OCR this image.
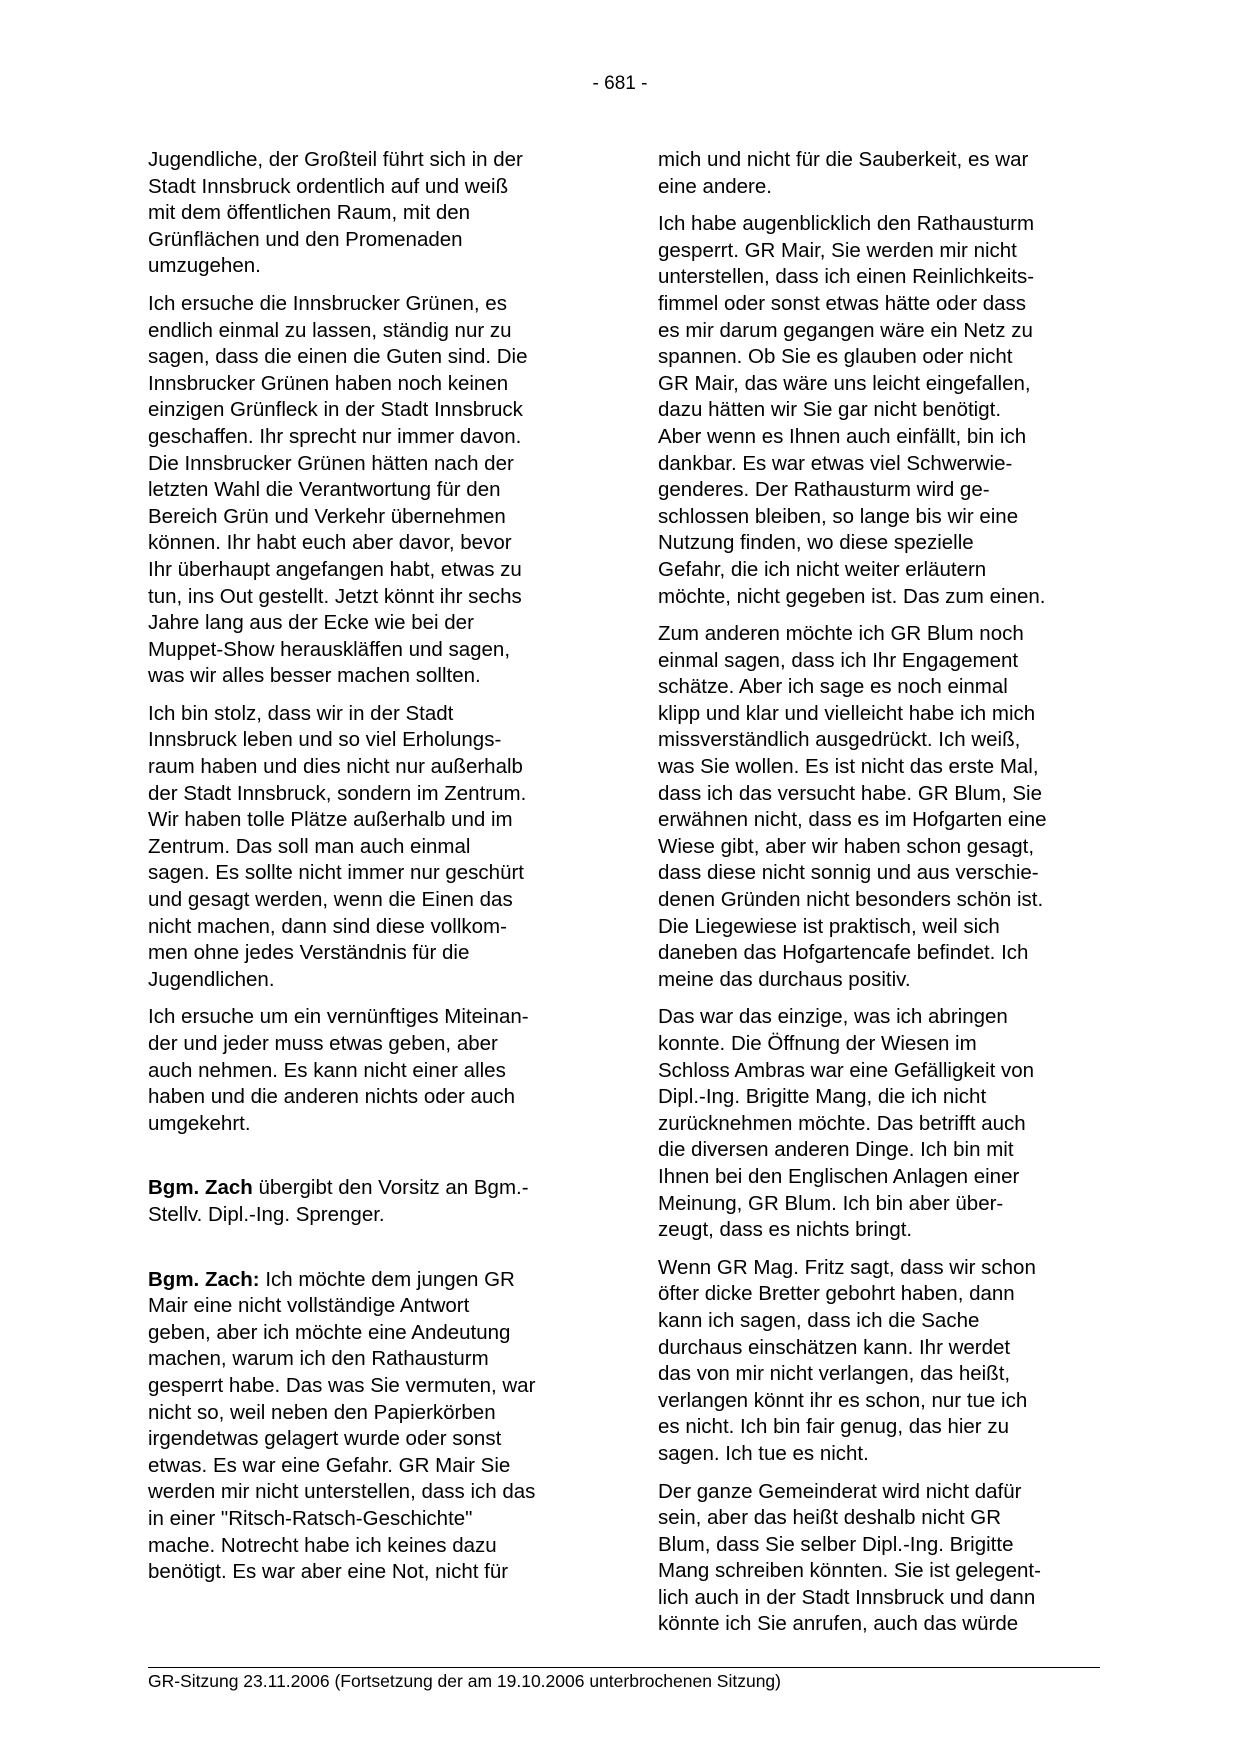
- 681 -

Jugendliche, der Großteil führt sich in der
Stadt Innsbruck ordentlich auf und weiß
mit dem öffentlichen Raum, mit den
Grünflächen und den Promenaden
umzugehen.

Ich ersuche die Innsbrucker Grünen, es
endlich einmal zu lassen, ständig nur zu
sagen, dass die einen die Guten sind. Die
Innsbrucker Grünen haben noch keinen
einzigen Grünfleck in der Stadt Innsbruck
geschaffen. Ihr sprecht nur immer davon.
Die Innsbrucker Grünen hätten nach der
letzten Wahl die Verantwortung für den
Bereich Grün und Verkehr übernehmen
können. Ihr habt euch aber davor, bevor
Ihr überhaupt angefangen habt, etwas zu
tun, ins Out gestellt. Jetzt könnt ihr sechs
Jahre lang aus der Ecke wie bei der
Muppet-Show herauskläffen und sagen,
was wir alles besser machen sollten.

Ich bin stolz, dass wir in der Stadt
Innsbruck leben und so viel Erholungs-
raum haben und dies nicht nur außerhalb
der Stadt Innsbruck, sondern im Zentrum.
Wir haben tolle Plätze außerhalb und im
Zentrum. Das soll man auch einmal
sagen. Es sollte nicht immer nur geschürt
und gesagt werden, wenn die Einen das
nicht machen, dann sind diese vollkom-
men ohne jedes Verständnis für die
Jugendlichen.

Ich ersuche um ein vernünftiges Miteinan-
der und jeder muss etwas geben, aber
auch nehmen. Es kann nicht einer alles
haben und die anderen nichts oder auch
umgekehrt.

Bgm. Zach übergibt den Vorsitz an Bgm.-
Stellv. Dipl.-Ing. Sprenger.

Bgm. Zach: Ich möchte dem jungen GR
Mair eine nicht vollständige Antwort
geben, aber ich möchte eine Andeutung
machen, warum ich den Rathausturm
gesperrt habe. Das was Sie vermuten, war
nicht so, weil neben den Papierkörben
irgendetwas gelagert wurde oder sonst
etwas. Es war eine Gefahr. GR Mair Sie
werden mir nicht unterstellen, dass ich das
in einer "Ritsch-Ratsch-Geschichte"
mache. Notrecht habe ich keines dazu
benötigt. Es war aber eine Not, nicht für

mich und nicht für die Sauberkeit, es war
eine andere.

Ich habe augenblicklich den Rathausturm
gesperrt. GR Mair, Sie werden mir nicht
unterstellen, dass ich einen Reinlichkeits-
fimmel oder sonst etwas hätte oder dass
es mir darum gegangen wäre ein Netz zu
spannen. Ob Sie es glauben oder nicht
GR Mair, das wäre uns leicht eingefallen,
dazu hätten wir Sie gar nicht benötigt.
Aber wenn es Ihnen auch einfällt, bin ich
dankbar. Es war etwas viel Schwerwie-
genderes. Der Rathausturm wird ge-
schlossen bleiben, so lange bis wir eine
Nutzung finden, wo diese spezielle
Gefahr, die ich nicht weiter erläutern
möchte, nicht gegeben ist. Das zum einen.

Zum anderen möchte ich GR Blum noch
einmal sagen, dass ich Ihr Engagement
schätze. Aber ich sage es noch einmal
klipp und klar und vielleicht habe ich mich
missverständlich ausgedrückt. Ich weiß,
was Sie wollen. Es ist nicht das erste Mal,
dass ich das versucht habe. GR Blum, Sie
erwähnen nicht, dass es im Hofgarten eine
Wiese gibt, aber wir haben schon gesagt,
dass diese nicht sonnig und aus verschie-
denen Gründen nicht besonders schön ist.
Die Liegewiese ist praktisch, weil sich
daneben das Hofgartencafe befindet. Ich
meine das durchaus positiv.

Das war das einzige, was ich abringen
konnte. Die Öffnung der Wiesen im
Schloss Ambras war eine Gefälligkeit von
Dipl.-Ing. Brigitte Mang, die ich nicht
zurücknehmen möchte. Das betrifft auch
die diversen anderen Dinge. Ich bin mit
Ihnen bei den Englischen Anlagen einer
Meinung, GR Blum. Ich bin aber über-
zeugt, dass es nichts bringt.

Wenn GR Mag. Fritz sagt, dass wir schon
öfter dicke Bretter gebohrt haben, dann
kann ich sagen, dass ich die Sache
durchaus einschätzen kann. Ihr werdet
das von mir nicht verlangen, das heißt,
verlangen könnt ihr es schon, nur tue ich
es nicht. Ich bin fair genug, das hier zu
sagen. Ich tue es nicht.

Der ganze Gemeinderat wird nicht dafür
sein, aber das heißt deshalb nicht GR
Blum, dass Sie selber Dipl.-Ing. Brigitte
Mang schreiben könnten. Sie ist gelegent-
lich auch in der Stadt Innsbruck und dann
könnte ich Sie anrufen, auch das würde

GR-Sitzung 23.11.2006 (Fortsetzung der am 19.10.2006 unterbrochenen Sitzung)
